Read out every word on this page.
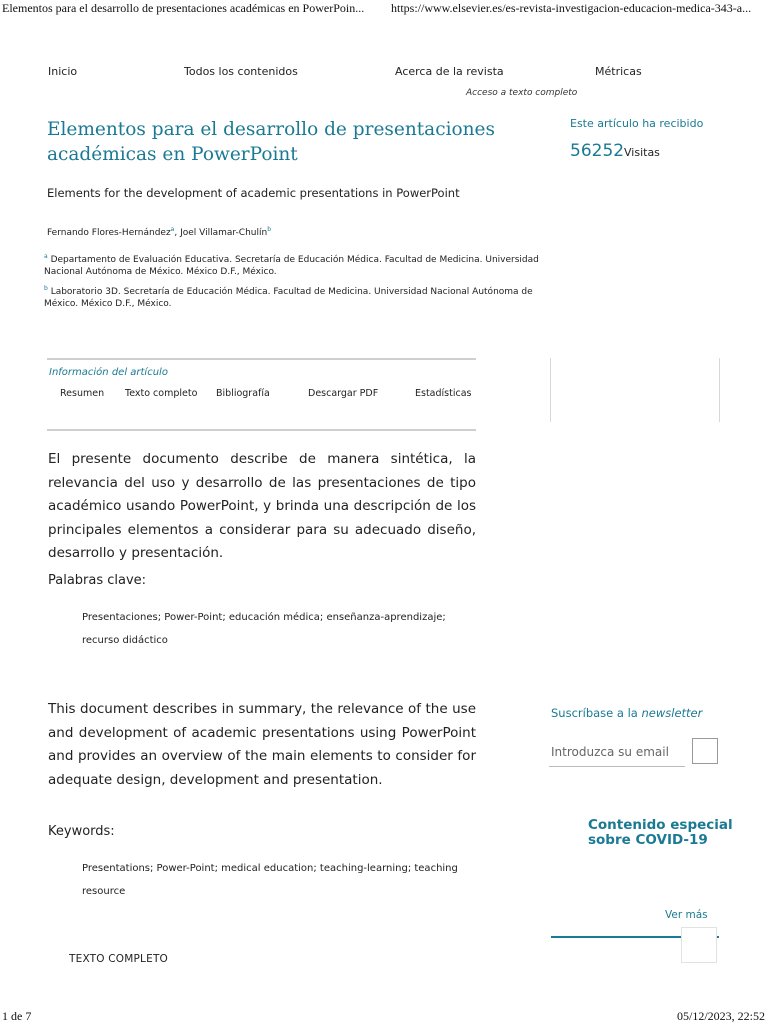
Elementos para el desarrollo de presentaciones académicas en PowerPoin... https://www.elsevier.es/es-revista-investigacion-educacion-medica-343-a...
Inicio	Todos los contenidos	Acerca de la revista	Métricas
Acceso a texto completo
Elementos para el desarrollo de presentaciones académicas en PowerPoint
Este artículo ha recibido
56252 Visitas
Elements for the development of academic presentations in PowerPoint
Fernando Flores-Hernández$^a$, Joel Villamar-Chulín$^b$
$^a$ Departamento de Evaluación Educativa. Secretaría de Educación Médica. Facultad de Medicina. Universidad Nacional Autónoma de México. México D.F., México.
$^b$ Laboratorio 3D. Secretaría de Educación Médica. Facultad de Medicina. Universidad Nacional Autónoma de México. México D.F., México.
Información del artículo
Resumen Texto completo Bibliografía	Descargar PDF	Estadísticas
El presente documento describe de manera sintética, la relevancia del uso y desarrollo de las presentaciones de tipo académico usando PowerPoint, y brinda una descripción de los principales elementos a considerar para su adecuado diseño, desarrollo y presentación.
Palabras clave:
Presentaciones; Power-Point; educación médica; enseñanza-aprendizaje; recurso didáctico
This document describes in summary, the relevance of the use and development of academic presentations using PowerPoint and provides an overview of the main elements to consider for adequate design, development and presentation.
Keywords:
Presentations; Power-Point; medical education; teaching-learning; teaching resource
Suscríbase a la newsletter
Introduzca su email
Contenido especial
sobre COVID-19
Ver más
TEXTO COMPLETO
1 de 7	05/12/2023, 22:52
